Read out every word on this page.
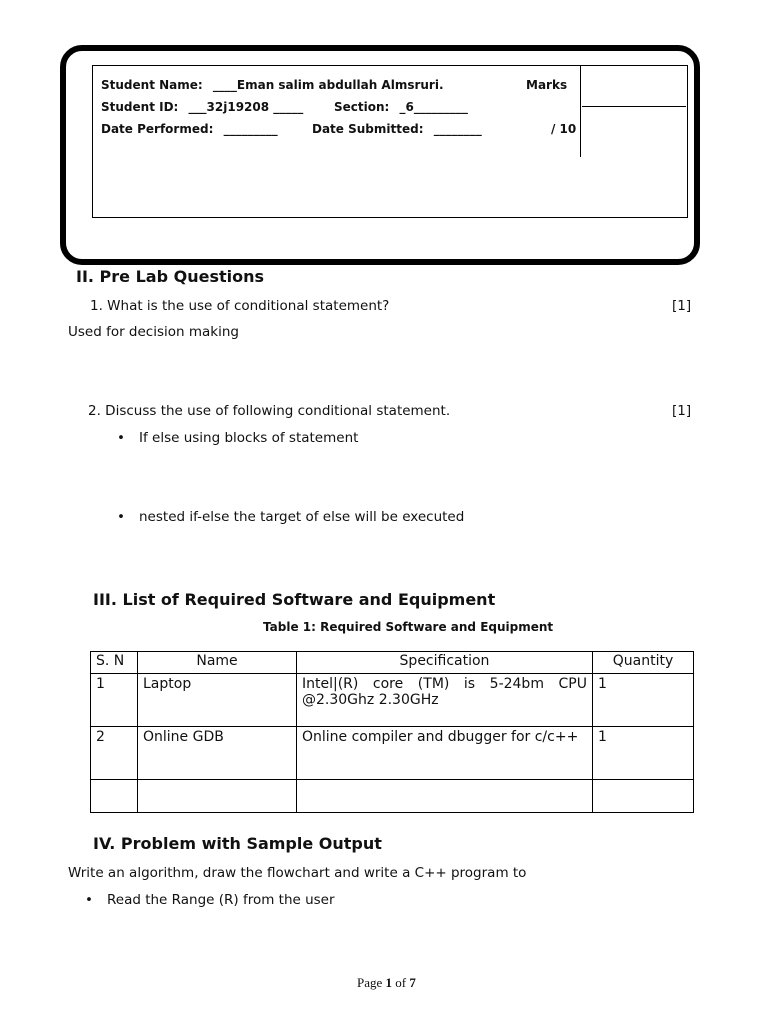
Student Name: ____Eman salim abdullah Almsruri.	Marks
Student ID: ___32j19208 _____	Section: _6_________
Date Performed: _________	Date Submitted: ________	/ 10
II. Pre Lab Questions
1. What is the use of conditional statement?	[1]
Used for decision making
2. Discuss the use of following conditional statement.	[1]
• If else using blocks of statement
• nested if-else the target of else will be executed
III. List of Required Software and Equipment
Table 1: Required Software and Equipment
S. N	Name	Specification	Quantity
1	Laptop	Intel|(R) core (TM) is 5-24bm CPU @2.30Ghz 2.30GHz	1
2	Online GDB	Online compiler and dbugger for c/c++	1

IV. Problem with Sample Output
Write an algorithm, draw the flowchart and write a C++ program to
• Read the Range (R) from the user
Page 1 of 7
